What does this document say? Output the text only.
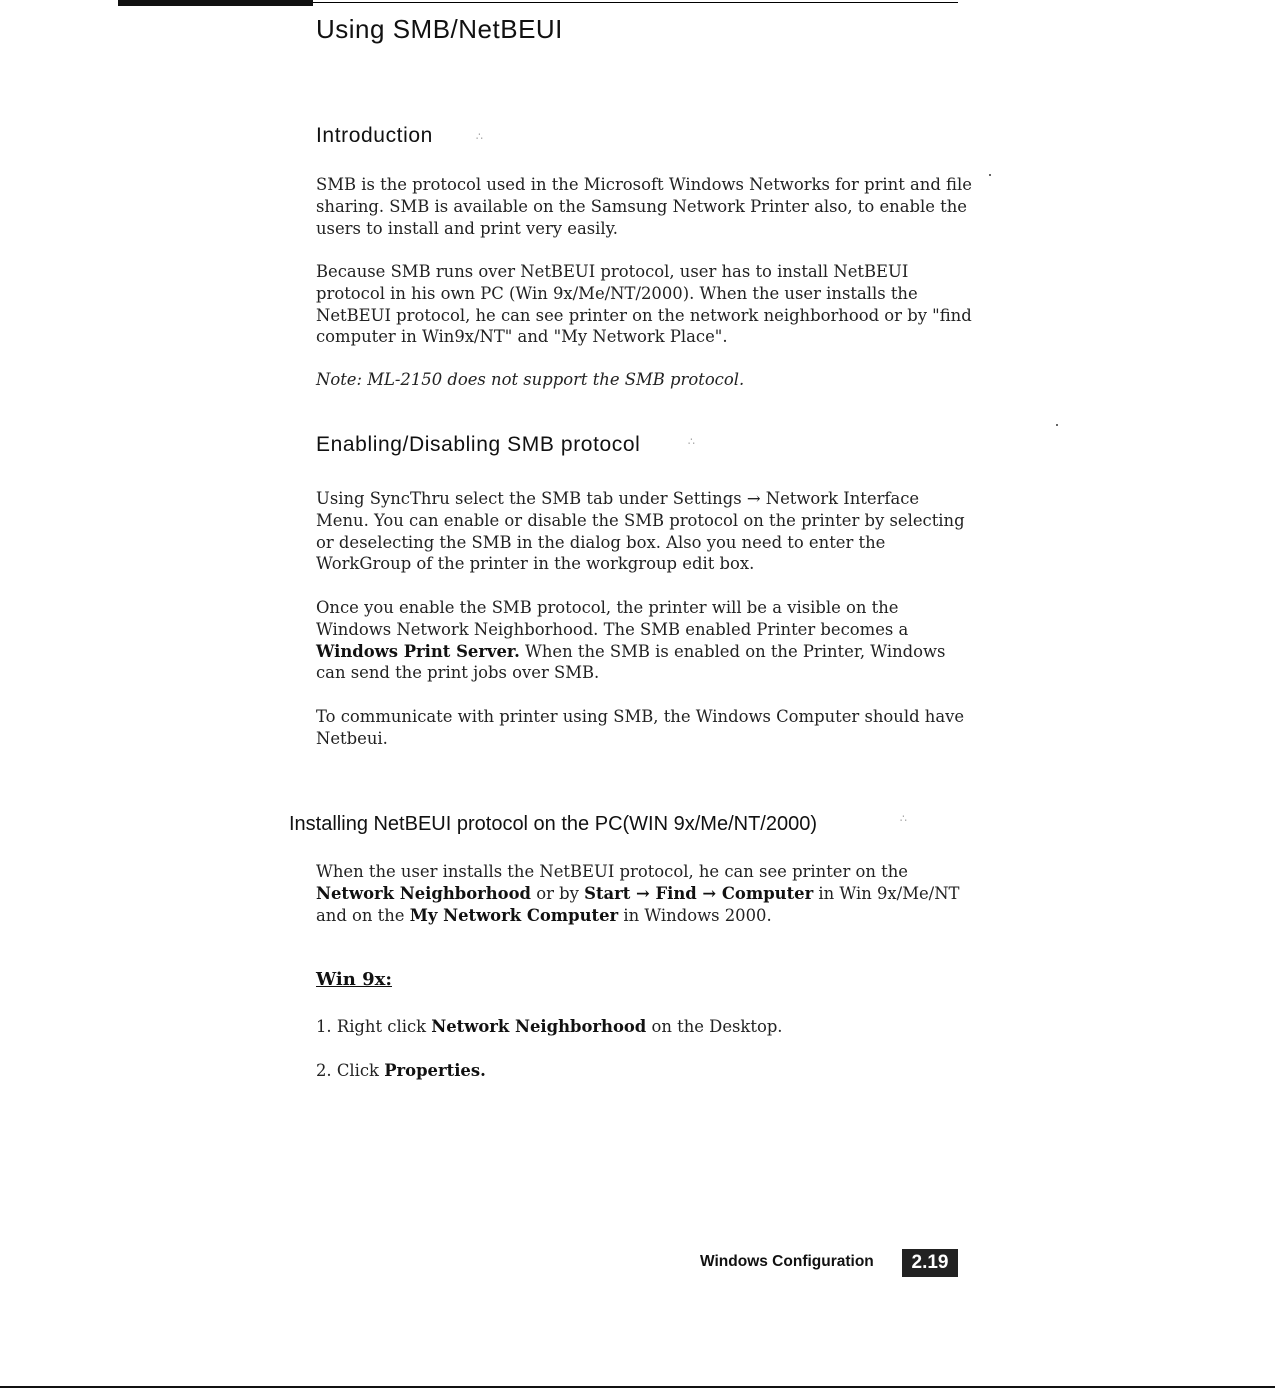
Using SMB/NetBEUI
Introduction	∴

SMB is the protocol used in the Microsoft Windows Networks for print and file sharing. SMB is available on the Samsung Network Printer also, to enable the users to install and print very easily.

Because SMB runs over NetBEUI protocol, user has to install NetBEUI protocol in his own PC (Win 9x/Me/NT/2000). When the user installs the NetBEUI protocol, he can see printer on the network neighborhood or by "find computer in Win9x/NT" and "My Network Place".

Note: ML-2150 does not support the SMB protocol.

Enabling/Disabling SMB protocol	∴

Using SyncThru select the SMB tab under Settings → Network Interface Menu. You can enable or disable the SMB protocol on the printer by selecting or deselecting the SMB in the dialog box. Also you need to enter the WorkGroup of the printer in the workgroup edit box.

Once you enable the SMB protocol, the printer will be a visible on the Windows Network Neighborhood. The SMB enabled Printer becomes a Windows Print Server. When the SMB is enabled on the Printer, Windows can send the print jobs over SMB.

To communicate with printer using SMB, the Windows Computer should have Netbeui.

Installing NetBEUI protocol on the PC(WIN 9x/Me/NT/2000)	∴

When the user installs the NetBEUI protocol, he can see printer on the Network Neighborhood or by Start → Find → Computer in Win 9x/Me/NT and on the My Network Computer in Windows 2000.

Win 9x:

1. Right click Network Neighborhood on the Desktop.

2. Click Properties.

Windows Configuration	2.19
